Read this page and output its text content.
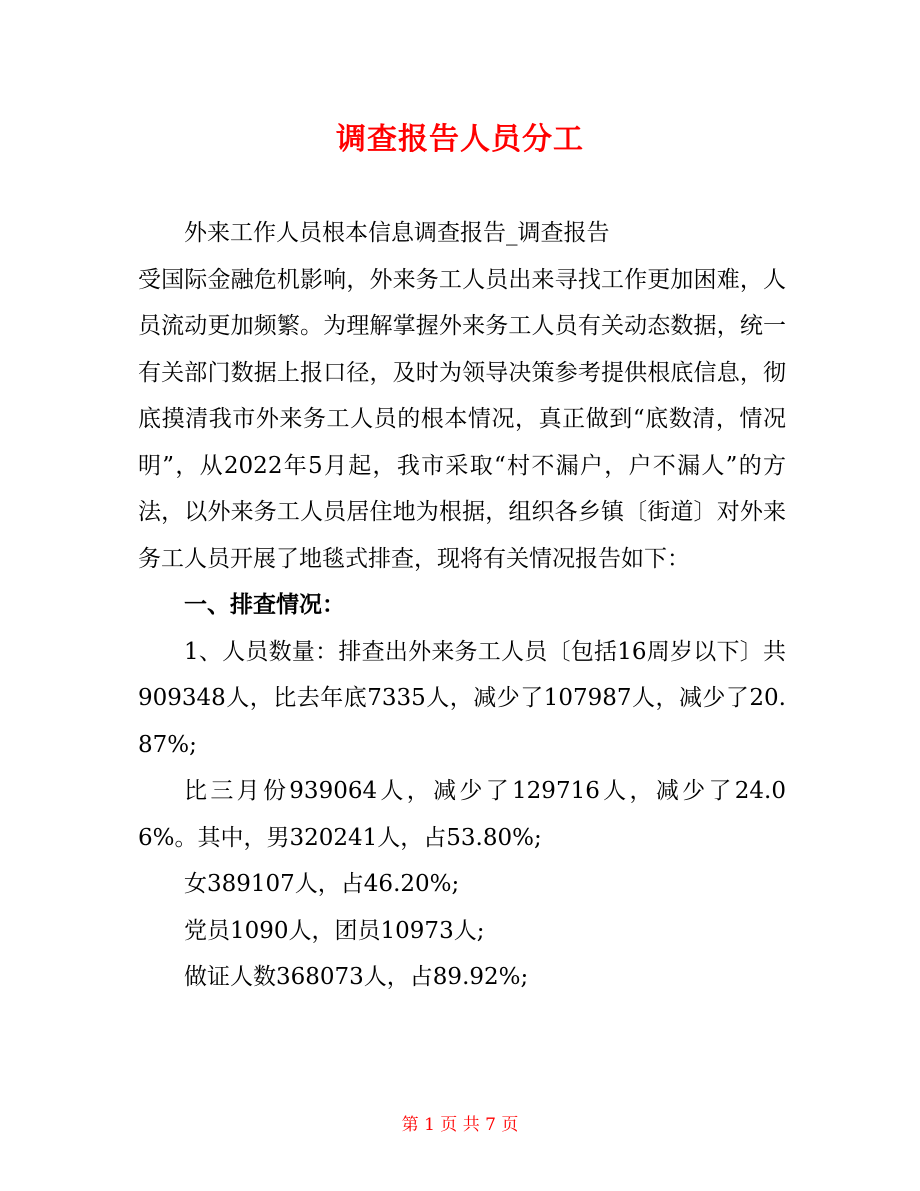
调查报告人员分工

外来工作人员根本信息调查报告_调查报告

受国际金融危机影响，外来务工人员出来寻找工作更加困难，人员流动更加频繁。为理解掌握外来务工人员有关动态数据，统一有关部门数据上报口径，及时为领导决策参考提供根底信息，彻底摸清我市外来务工人员的根本情况，真正做到“底数清，情况明”，从2022年5月起，我市采取“村不漏户，户不漏人”的方法，以外来务工人员居住地为根据，组织各乡镇〔街道〕对外来务工人员开展了地毯式排查，现将有关情况报告如下：

一、排查情况：

1、人员数量：排查出外来务工人员〔包括16周岁以下〕共909348人，比去年底7335人，减少了107987人，减少了20.87%;

比三月份939064人，减少了129716人，减少了24.06%。其中，男320241人，占53.80%;

女389107人，占46.20%;

党员1090人，团员10973人;

做证人数368073人，占89.92%;

第 1 页 共 7 页
